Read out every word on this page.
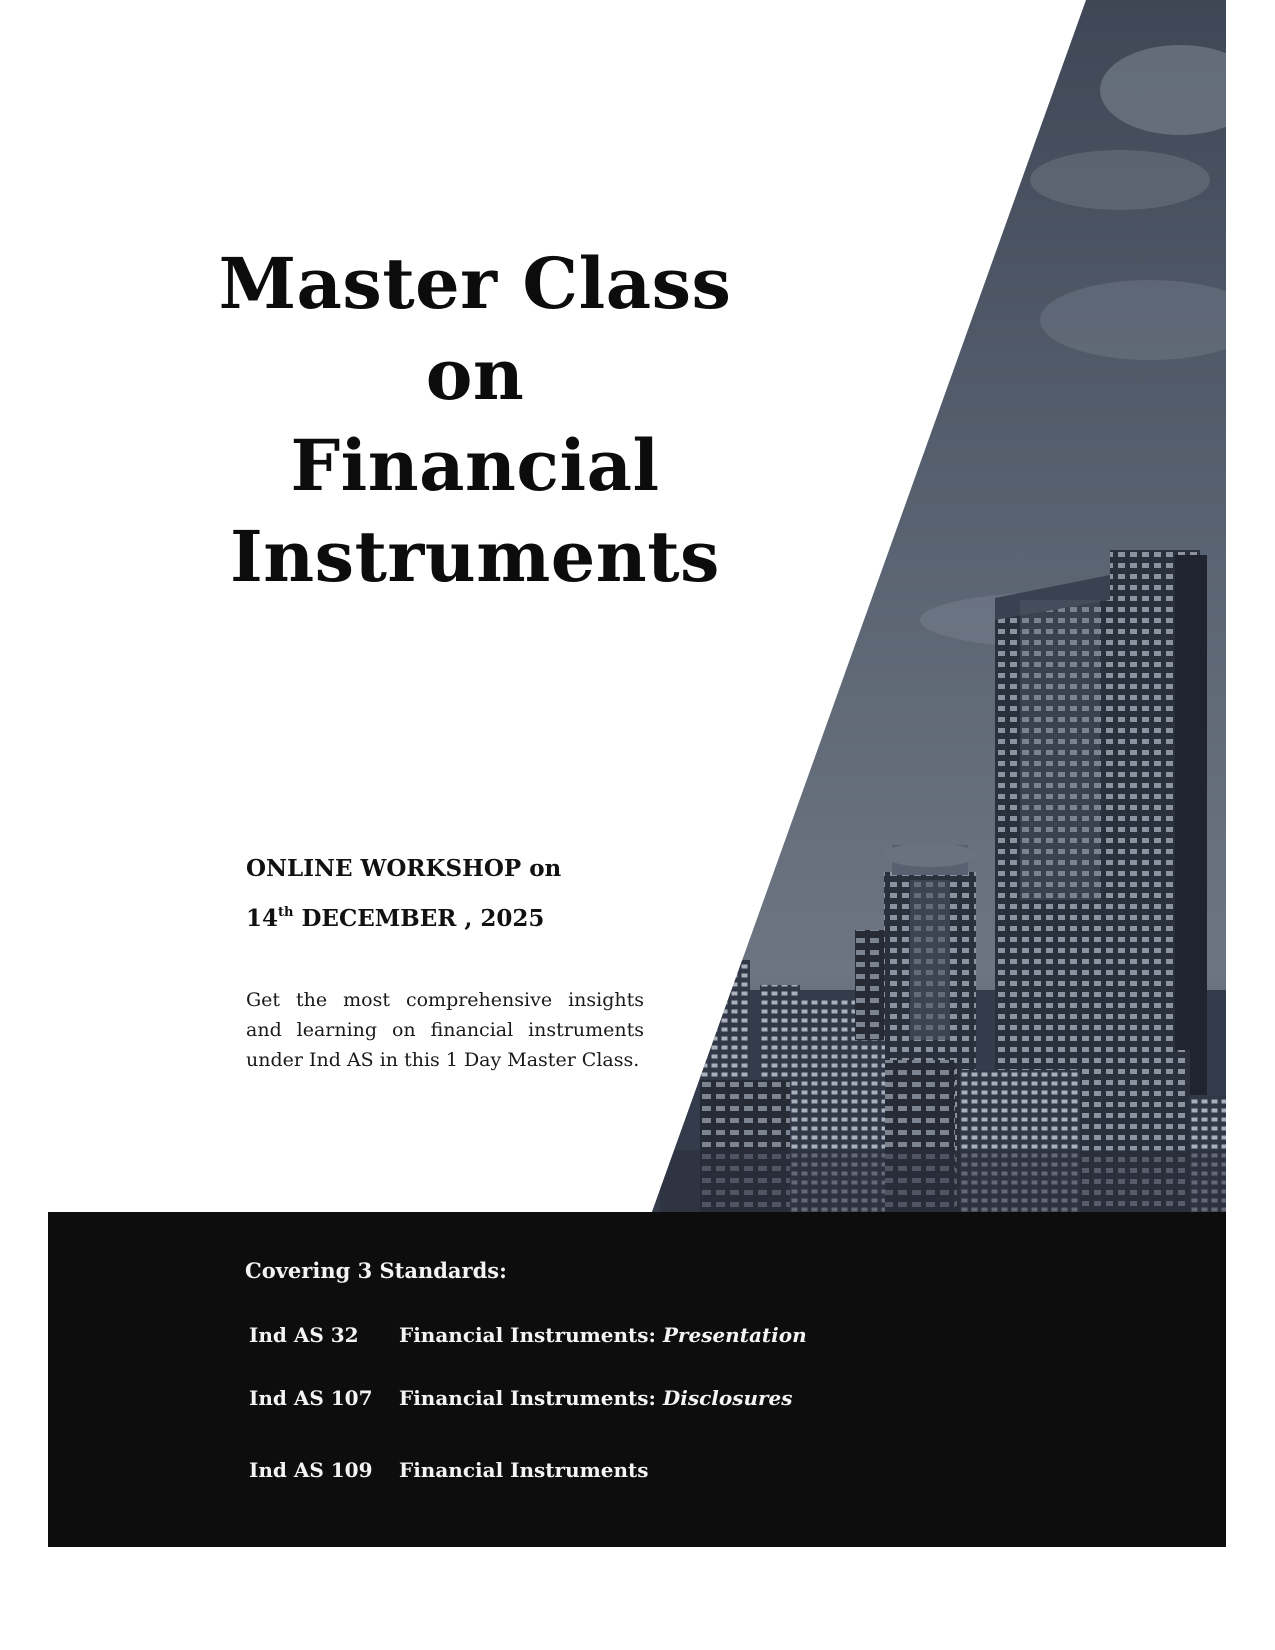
Master Class
on
Financial
Instruments
ONLINE WORKSHOP on
14th DECEMBER , 2025
Get the most comprehensive insights and learning on financial instruments under Ind AS in this 1 Day Master Class.
Covering 3 Standards:
Ind AS 32 Financial Instruments: Presentation
Ind AS 107 Financial Instruments: Disclosures
Ind AS 109 Financial Instruments
